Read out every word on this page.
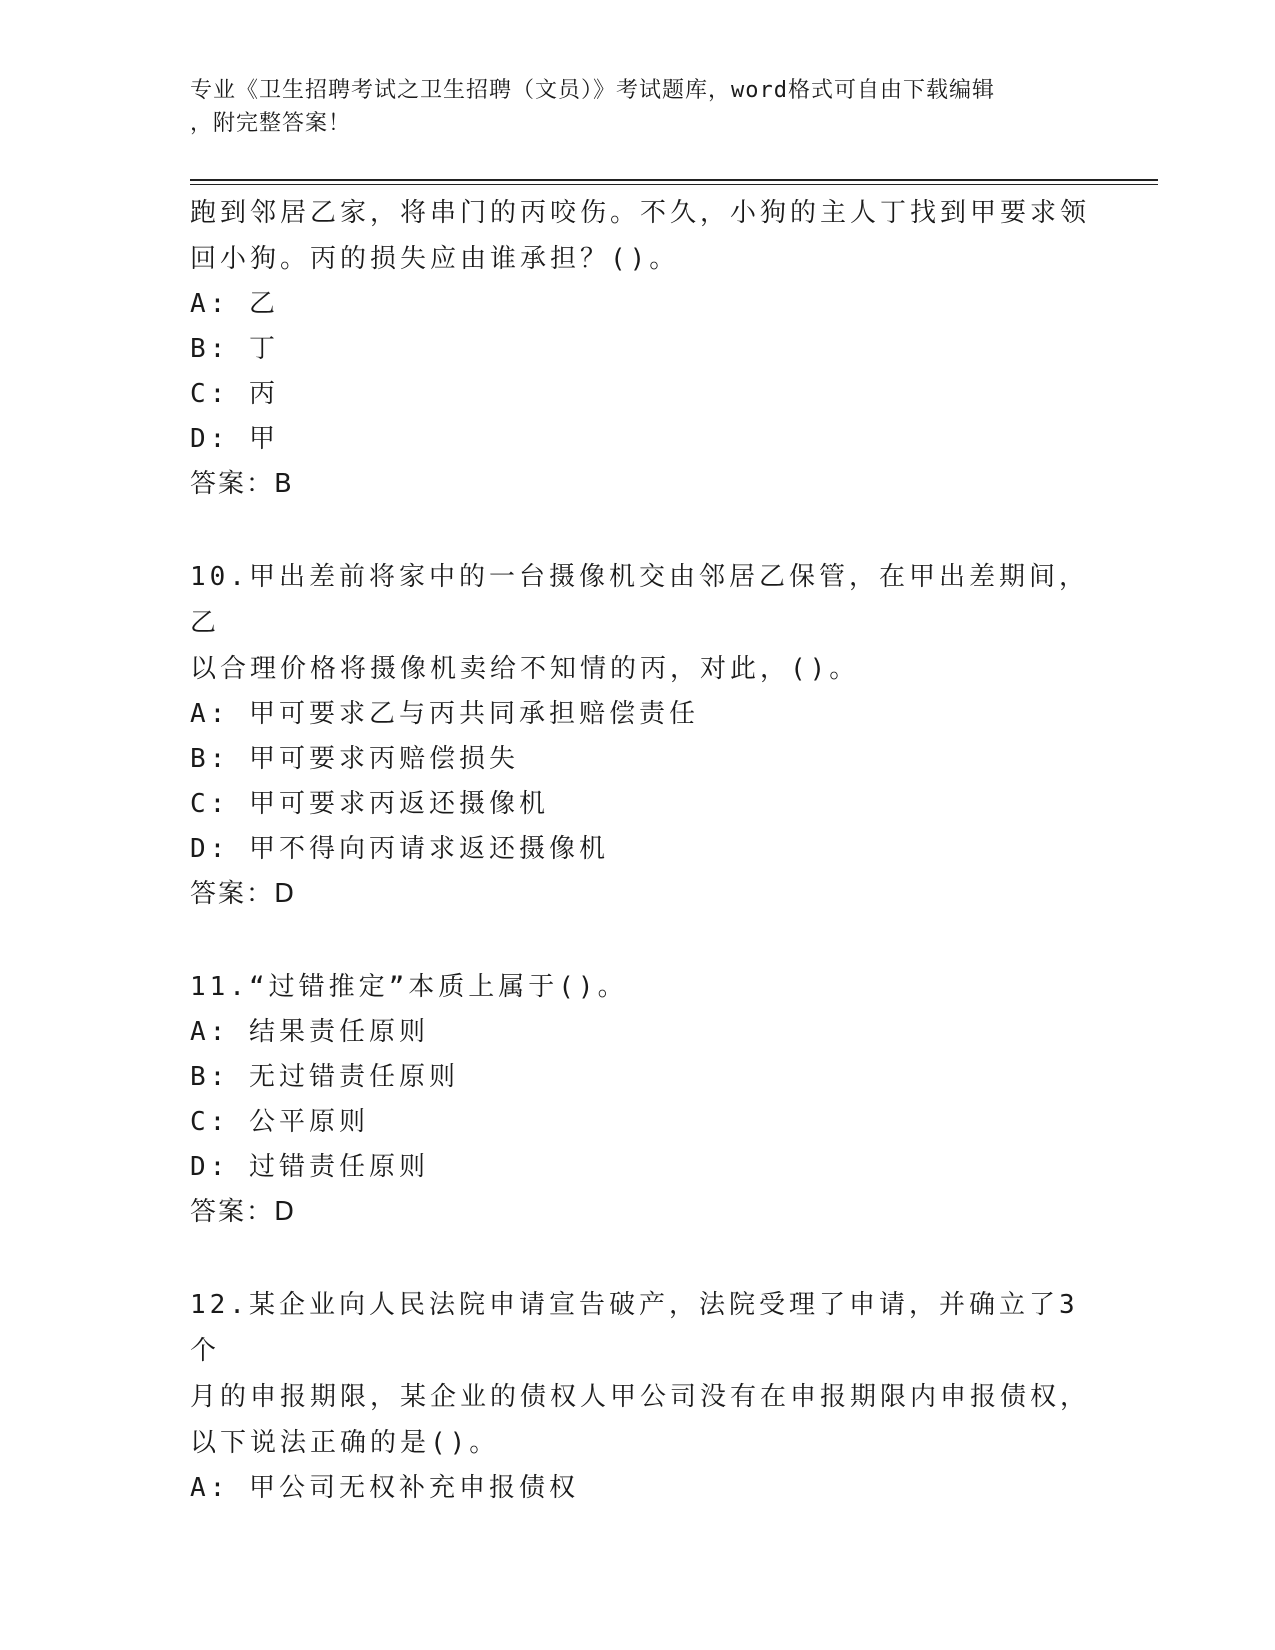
专业《卫生招聘考试之卫生招聘（文员）》考试题库，word格式可自由下载编辑
，附完整答案！
跑到邻居乙家，将串门的丙咬伤。不久，小狗的主人丁找到甲要求领
回小狗。丙的损失应由谁承担？()。
A: 乙
B: 丁
C: 丙
D: 甲
答案：B
10.甲出差前将家中的一台摄像机交由邻居乙保管，在甲出差期间，乙
以合理价格将摄像机卖给不知情的丙，对此，()。
A: 甲可要求乙与丙共同承担赔偿责任
B: 甲可要求丙赔偿损失
C: 甲可要求丙返还摄像机
D: 甲不得向丙请求返还摄像机
答案：D
11.“过错推定”本质上属于()。
A: 结果责任原则
B: 无过错责任原则
C: 公平原则
D: 过错责任原则
答案：D
12.某企业向人民法院申请宣告破产，法院受理了申请，并确立了3个
月的申报期限，某企业的债权人甲公司没有在申报期限内申报债权，
以下说法正确的是()。
A: 甲公司无权补充申报债权
